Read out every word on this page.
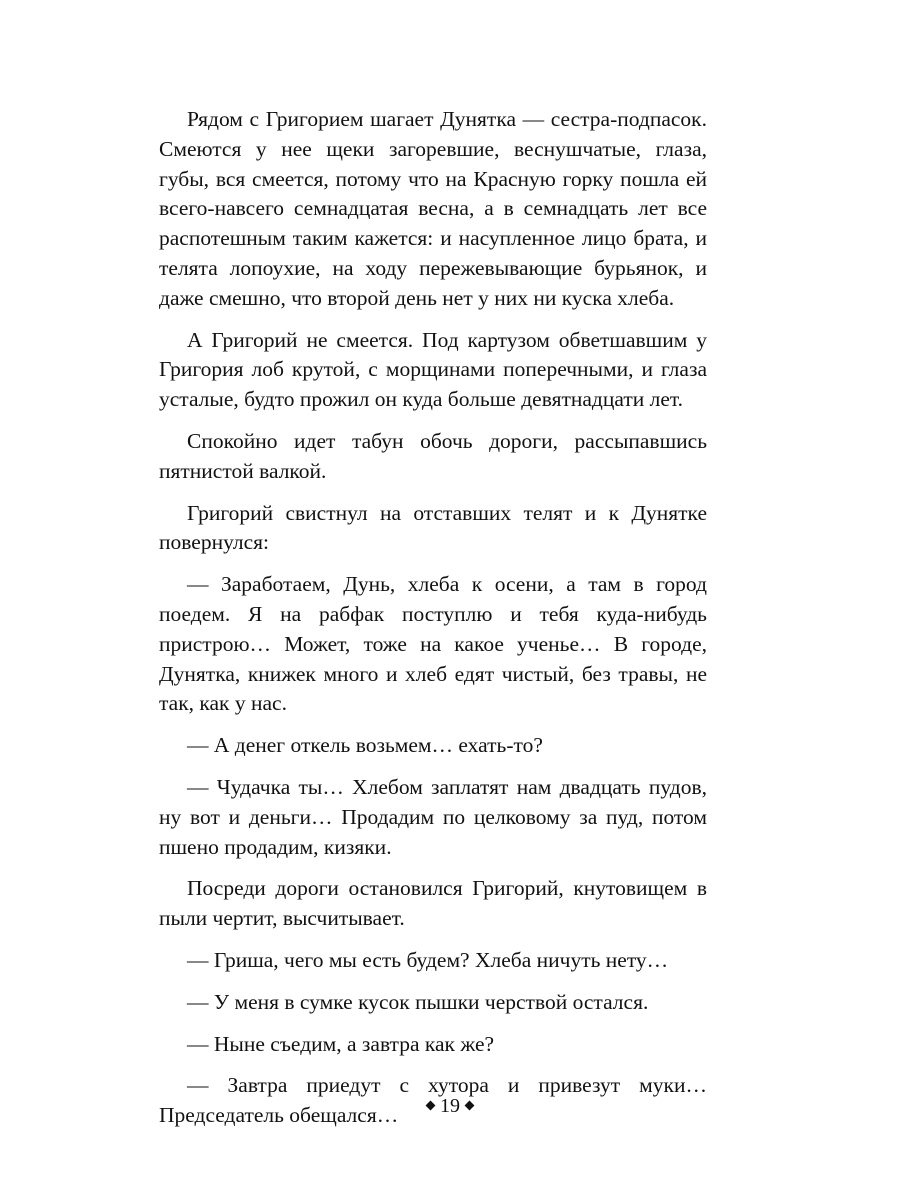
Рядом с Григорием шагает Дунятка — сестра-подпасок. Смеются у нее щеки загоревшие, веснушчатые, глаза, губы, вся смеется, потому что на Красную горку пошла ей всего-навсего семнадцатая весна, а в семнадцать лет все распотешным таким кажется: и насупленное лицо брата, и телята лопоухие, на ходу пережевывающие бурьянок, и даже смешно, что второй день нет у них ни куска хлеба.

А Григорий не смеется. Под картузом обветшавшим у Григория лоб крутой, с морщинами поперечными, и глаза усталые, будто прожил он куда больше девятнадцати лет.

Спокойно идет табун обочь дороги, рассыпавшись пятнистой валкой.

Григорий свистнул на отставших телят и к Дунятке повернулся:

— Заработаем, Дунь, хлеба к осени, а там в город поедем. Я на рабфак поступлю и тебя куда-нибудь пристрою… Может, тоже на какое ученье… В городе, Дунятка, книжек много и хлеб едят чистый, без травы, не так, как у нас.

— А денег откель возьмем… ехать-то?

— Чудачка ты… Хлебом заплатят нам двадцать пудов, ну вот и деньги… Продадим по целковому за пуд, потом пшено продадим, кизяки.

Посреди дороги остановился Григорий, кнутовищем в пыли чертит, высчитывает.

— Гриша, чего мы есть будем? Хлеба ничуть нету…

— У меня в сумке кусок пышки черствой остался.

— Ныне съедим, а завтра как же?

— Завтра приедут с хутора и привезут муки… Председатель обещался…	19
